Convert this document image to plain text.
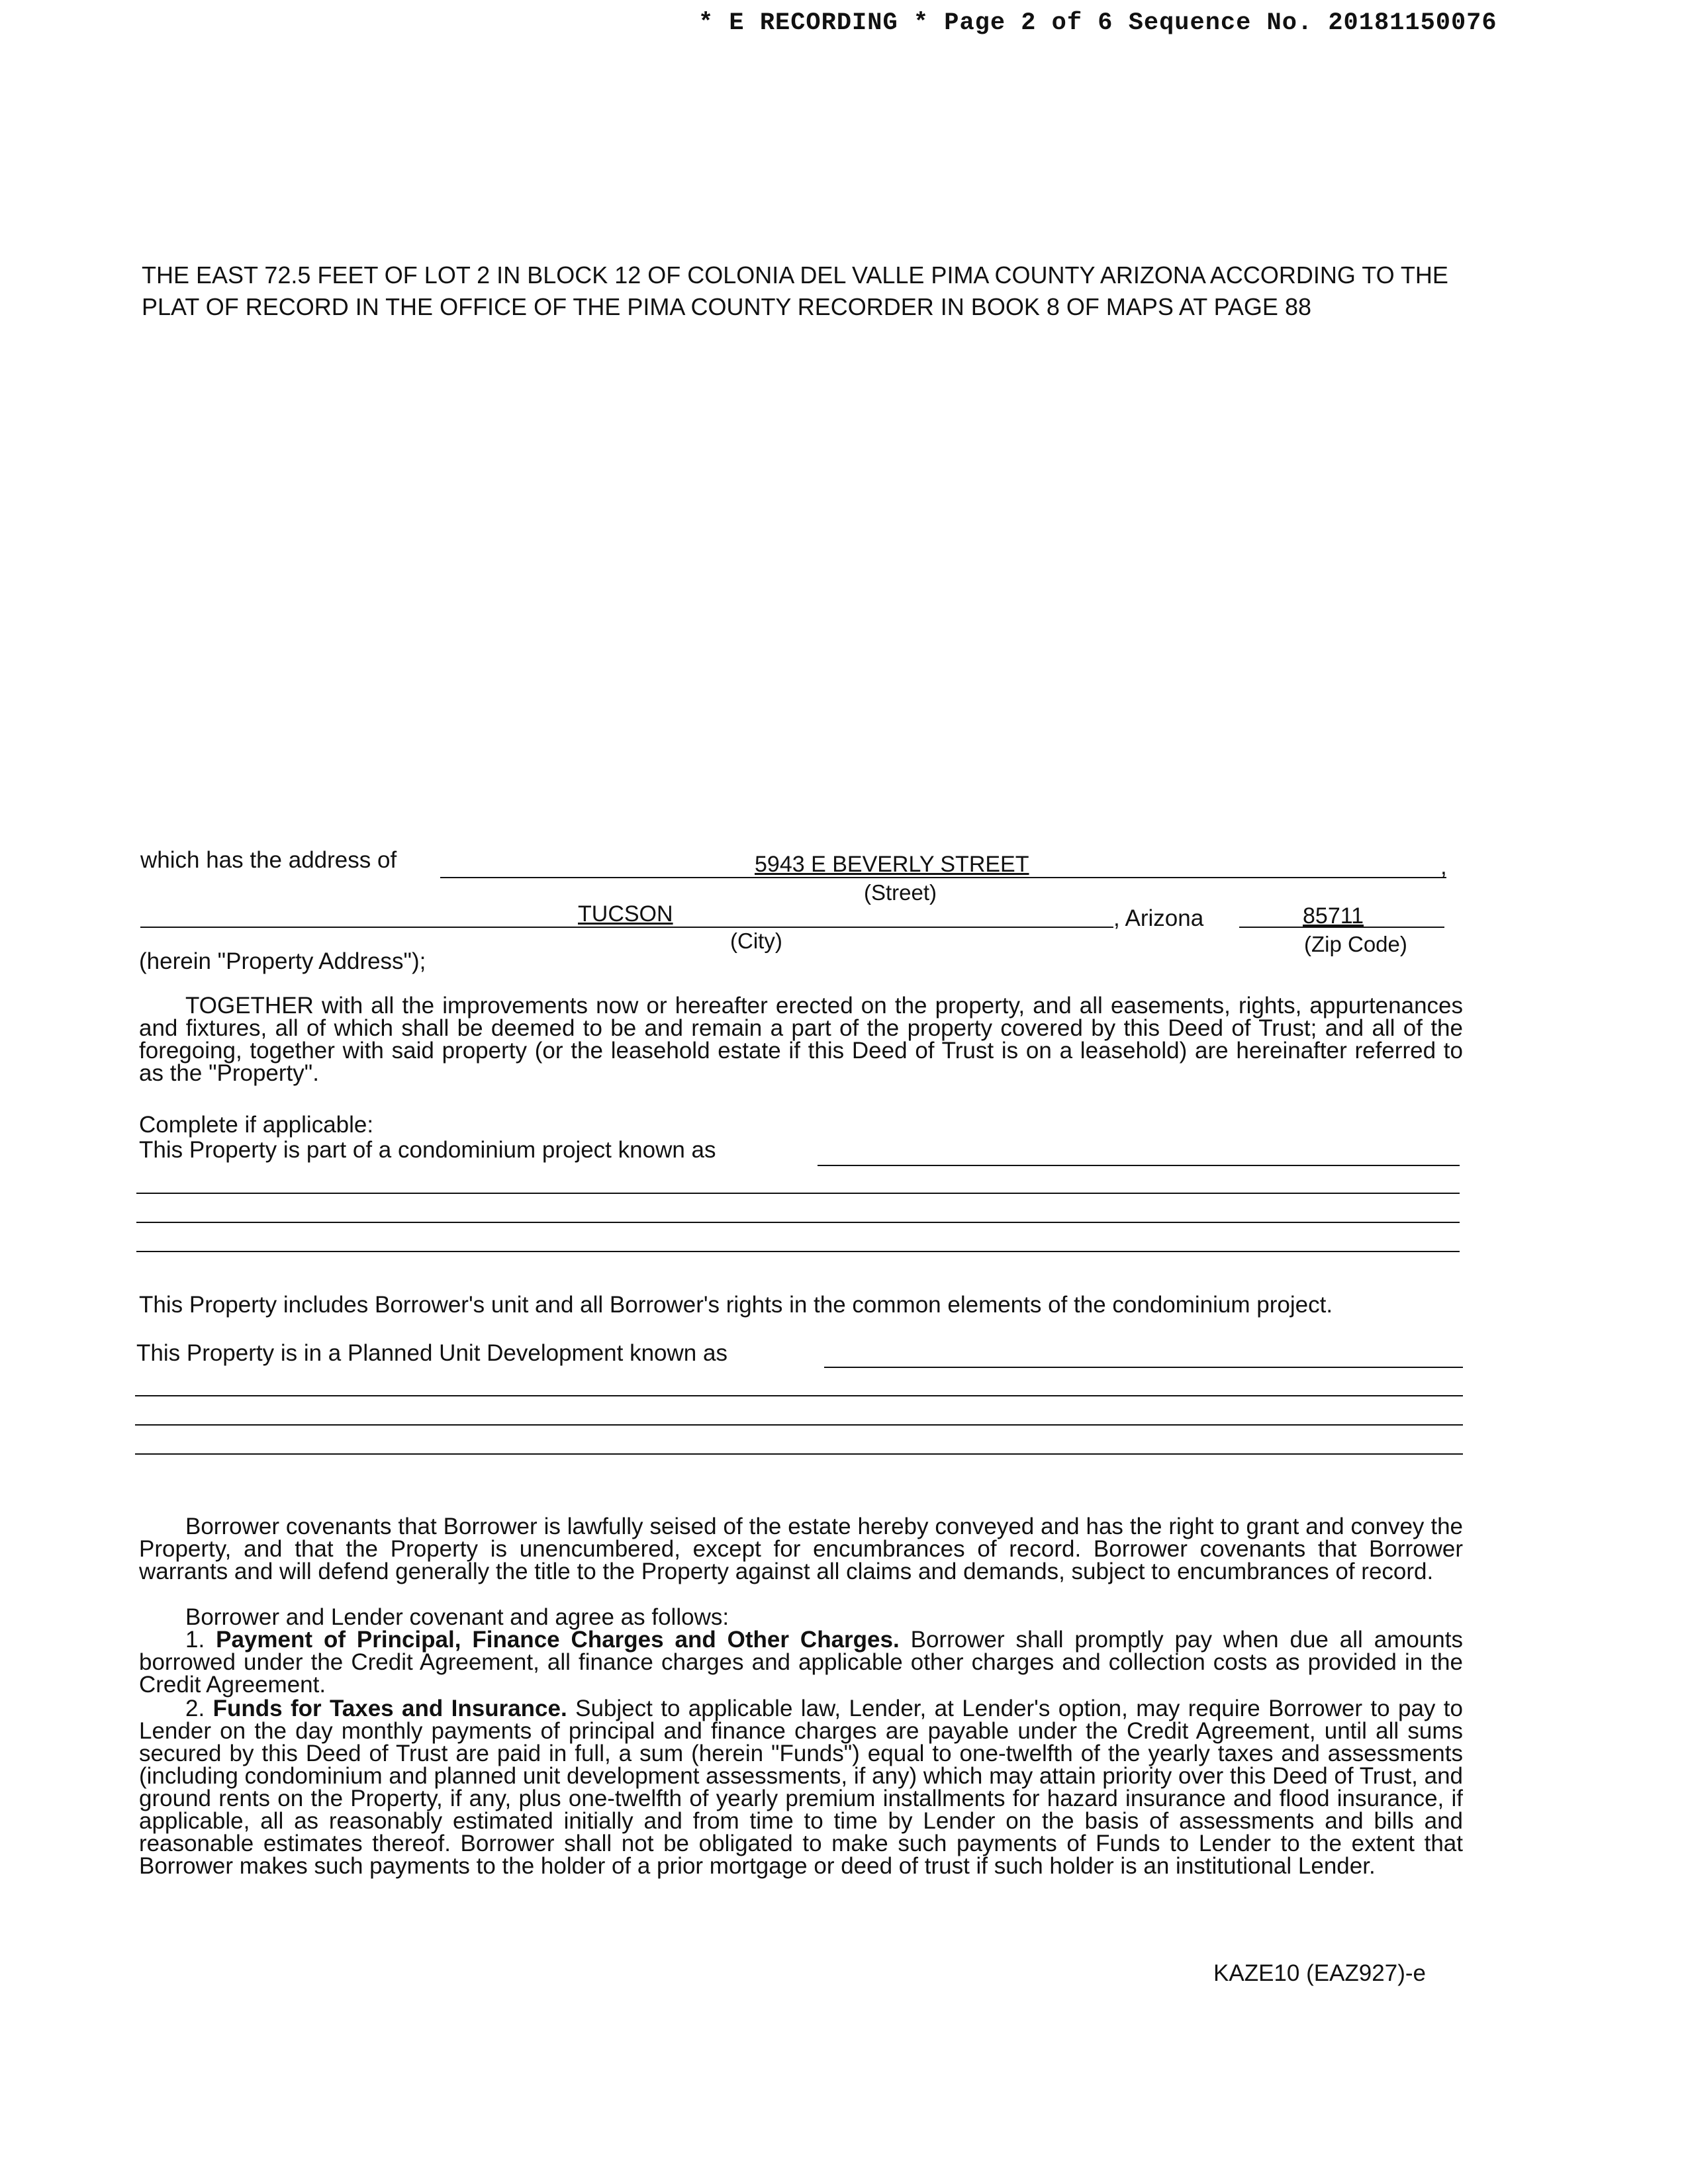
* E RECORDING * Page 2 of 6 Sequence No. 20181150076
THE EAST 72.5 FEET OF LOT 2 IN BLOCK 12 OF COLONIA DEL VALLE PIMA COUNTY ARIZONA ACCORDING TO THE PLAT OF RECORD IN THE OFFICE OF THE PIMA COUNTY RECORDER IN BOOK 8 OF MAPS AT PAGE 88
which has the address of	,
5943 E BEVERLY STREET
(Street)
TUCSON	, Arizona	85711
(City)	(Zip Code)
(herein "Property Address");
TOGETHER with all the improvements now or hereafter erected on the property, and all easements, rights, appurtenances and fixtures, all of which shall be deemed to be and remain a part of the property covered by this Deed of Trust; and all of the foregoing, together with said property (or the leasehold estate if this Deed of Trust is on a leasehold) are hereinafter referred to as the "Property".
Complete if applicable:
This Property is part of a condominium project known as
This Property includes Borrower's unit and all Borrower's rights in the common elements of the condominium project.
This Property is in a Planned Unit Development known as
Borrower covenants that Borrower is lawfully seised of the estate hereby conveyed and has the right to grant and convey the Property, and that the Property is unencumbered, except for encumbrances of record. Borrower covenants that Borrower warrants and will defend generally the title to the Property against all claims and demands, subject to encumbrances of record.
Borrower and Lender covenant and agree as follows:
1. Payment of Principal, Finance Charges and Other Charges. Borrower shall promptly pay when due all amounts borrowed under the Credit Agreement, all finance charges and applicable other charges and collection costs as provided in the Credit Agreement.
2. Funds for Taxes and Insurance. Subject to applicable law, Lender, at Lender's option, may require Borrower to pay to Lender on the day monthly payments of principal and finance charges are payable under the Credit Agreement, until all sums secured by this Deed of Trust are paid in full, a sum (herein "Funds") equal to one-twelfth of the yearly taxes and assessments (including condominium and planned unit development assessments, if any) which may attain priority over this Deed of Trust, and ground rents on the Property, if any, plus one-twelfth of yearly premium installments for hazard insurance and flood insurance, if applicable, all as reasonably estimated initially and from time to time by Lender on the basis of assessments and bills and reasonable estimates thereof. Borrower shall not be obligated to make such payments of Funds to Lender to the extent that Borrower makes such payments to the holder of a prior mortgage or deed of trust if such holder is an institutional Lender.
KAZE10 (EAZ927)-e
